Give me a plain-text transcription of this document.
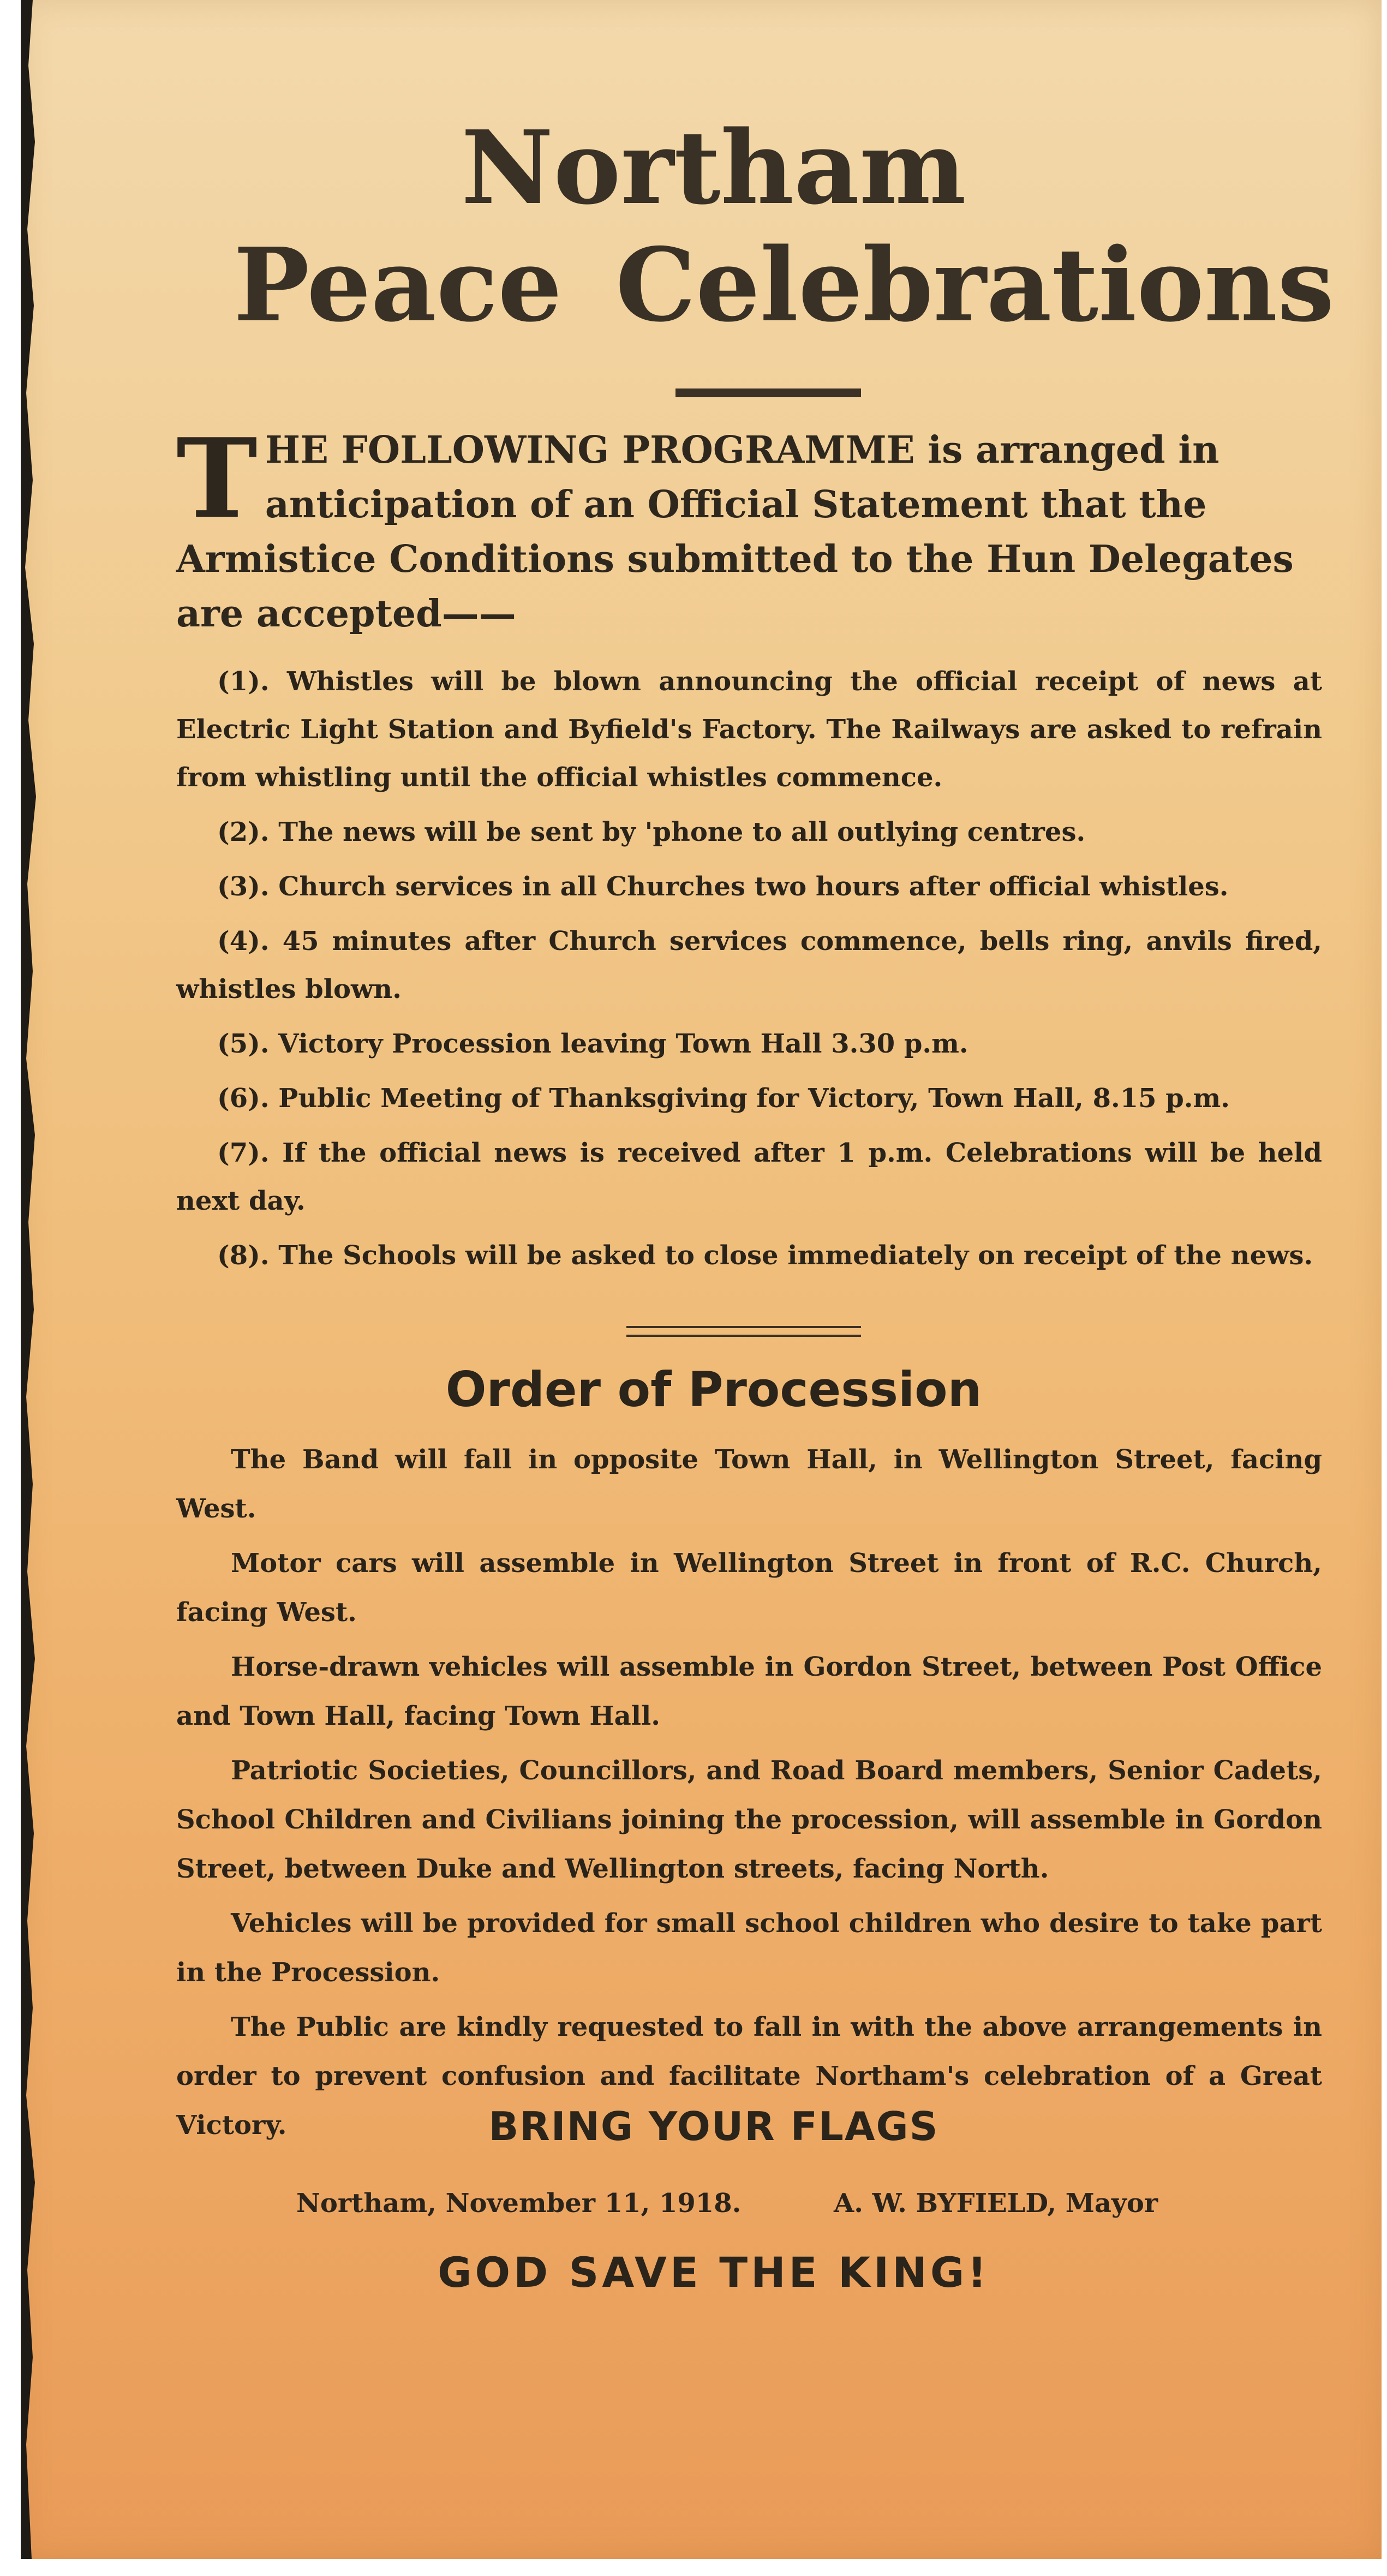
Northam
Peace Celebrations
T HE FOLLOWING PROGRAMME is arranged in anticipation of an Official Statement that the Armistice Conditions submitted to the Hun Delegates are accepted——

(1). Whistles will be blown announcing the official receipt of news at Electric Light Station and Byfield's Factory. The Railways are asked to refrain from whistling until the official whistles commence.

(2). The news will be sent by 'phone to all outlying centres.

(3). Church services in all Churches two hours after official whistles.

(4). 45 minutes after Church services commence, bells ring, anvils fired, whistles blown.

(5). Victory Procession leaving Town Hall 3.30 p.m.

(6). Public Meeting of Thanksgiving for Victory, Town Hall, 8.15 p.m.

(7). If the official news is received after 1 p.m. Celebrations will be held next day.

(8). The Schools will be asked to close immediately on receipt of the news.

Order of Procession

The Band will fall in opposite Town Hall, in Wellington Street, facing West.

Motor cars will assemble in Wellington Street in front of R.C. Church, facing West.

Horse-drawn vehicles will assemble in Gordon Street, between Post Office and Town Hall, facing Town Hall.

Patriotic Societies, Councillors, and Road Board members, Senior Cadets, School Children and Civilians joining the procession, will assemble in Gordon Street, between Duke and Wellington streets, facing North.

Vehicles will be provided for small school children who desire to take part in the Procession.

The Public are kindly requested to fall in with the above arrangements in order to prevent confusion and facilitate Northam's celebration of a Great Victory.	BRING YOUR FLAGS
Northam, November 11, 1918.	A. W. BYFIELD, Mayor
GOD SAVE THE KING!
